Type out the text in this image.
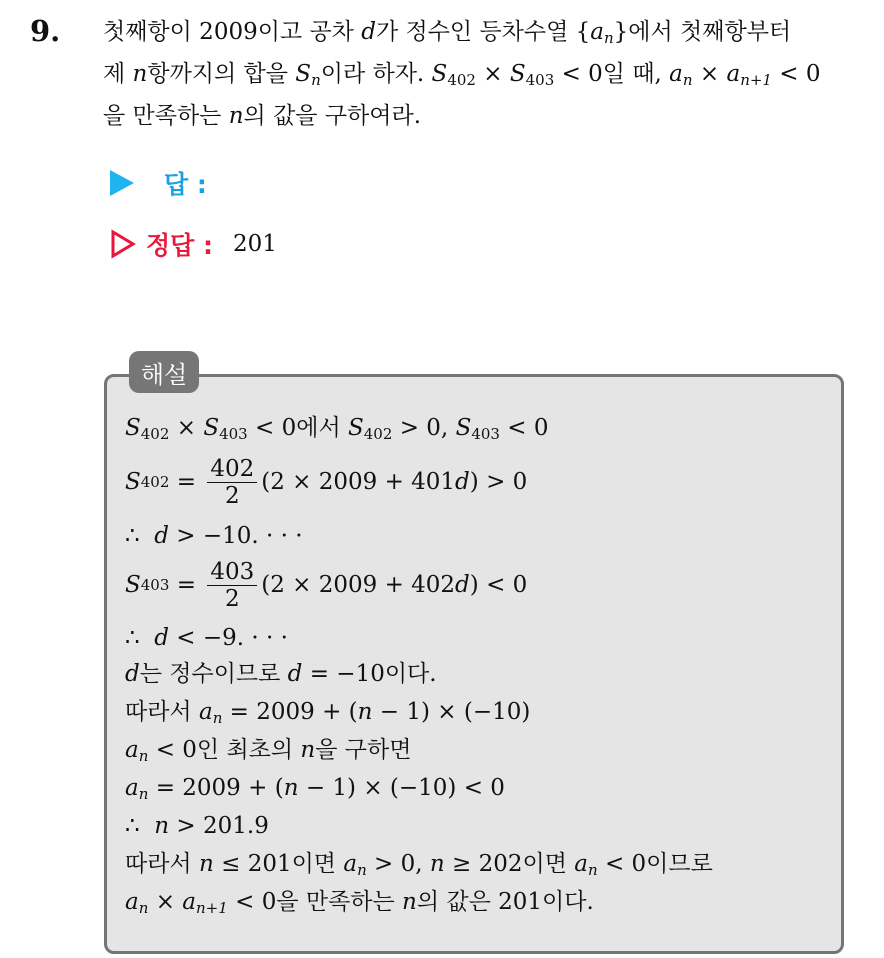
9. 첫째항이 2009이고 공차 d가 정수인 등차수열 $\{a_n\}$에서 첫째항부터
제 n항까지의 합을 $S_n$이라 하자. $S_{402} \times S_{403} < 0$일 때, $a_n \times a_{n+1} < 0$
을 만족하는 n의 값을 구하여라.
답 :
정답 : 201
해설
$S_{402} \times S_{403} < 0$에서 $S_{402} > 0$, $S_{403} < 0$
S $402 = \frac{402}{2} (2 \times 2009 + 401$ d ) > 0
∴  d > −10. · · ·
S $403 = \frac{403}{2} (2 \times 2009 + 402$ d ) < 0
∴  d < −9. · · ·
d는 정수이므로 d = −10이다.
따라서 $a_n = 2009 + (n - 1) \times (-10)$
$a_n < 0$인 최초의 n을 구하면
$a_n = 2009 + (n - 1) \times (-10) < 0$
∴  n > 201.9
따라서 n ≤ 201이면 $a_n > 0$, n ≥ 202이면 $a_n < 0$이므로
$a_n \times a_{n+1} < 0$을 만족하는 n의 값은 201이다.
